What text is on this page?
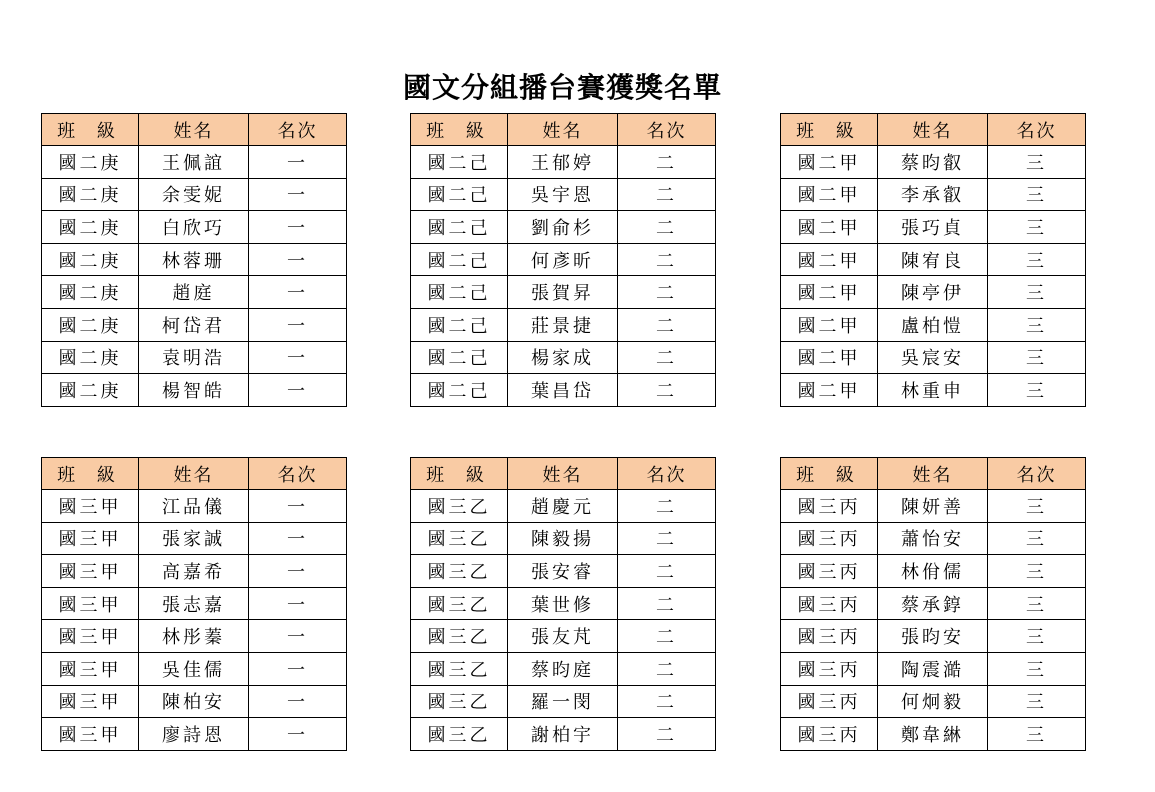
國文分組播台賽獲獎名單
班 級	姓名	名次
國二庚	王佩誼	一
國二庚	余雯妮	一
國二庚	白欣巧	一
國二庚	林蓉珊	一
國二庚	趙庭	一
國二庚	柯岱君	一
國二庚	袁明浩	一
國二庚	楊智皓	一
班 級	姓名	名次
國二己	王郁婷	二
國二己	吳宇恩	二
國二己	劉俞杉	二
國二己	何彥昕	二
國二己	張賀昇	二
國二己	莊景捷	二
國二己	楊家成	二
國二己	葉昌岱	二
班 級	姓名	名次
國二甲	蔡昀叡	三
國二甲	李承叡	三
國二甲	張巧貞	三
國二甲	陳宥良	三
國二甲	陳亭伊	三
國二甲	盧柏愷	三
國二甲	吳宸安	三
國二甲	林重申	三
班 級	姓名	名次
國三甲	江品儀	一
國三甲	張家誠	一
國三甲	高嘉希	一
國三甲	張志嘉	一
國三甲	林彤蓁	一
國三甲	吳佳儒	一
國三甲	陳柏安	一
國三甲	廖詩恩	一
班 級	姓名	名次
國三乙	趙慶元	二
國三乙	陳毅揚	二
國三乙	張安睿	二
國三乙	葉世修	二
國三乙	張友芃	二
國三乙	蔡昀庭	二
國三乙	羅一閔	二
國三乙	謝柏宇	二
班 級	姓名	名次
國三丙	陳妍善	三
國三丙	蕭怡安	三
國三丙	林佾儒	三
國三丙	蔡承錞	三
國三丙	張昀安	三
國三丙	陶震澔	三
國三丙	何炯毅	三
國三丙	鄭韋綝	三
